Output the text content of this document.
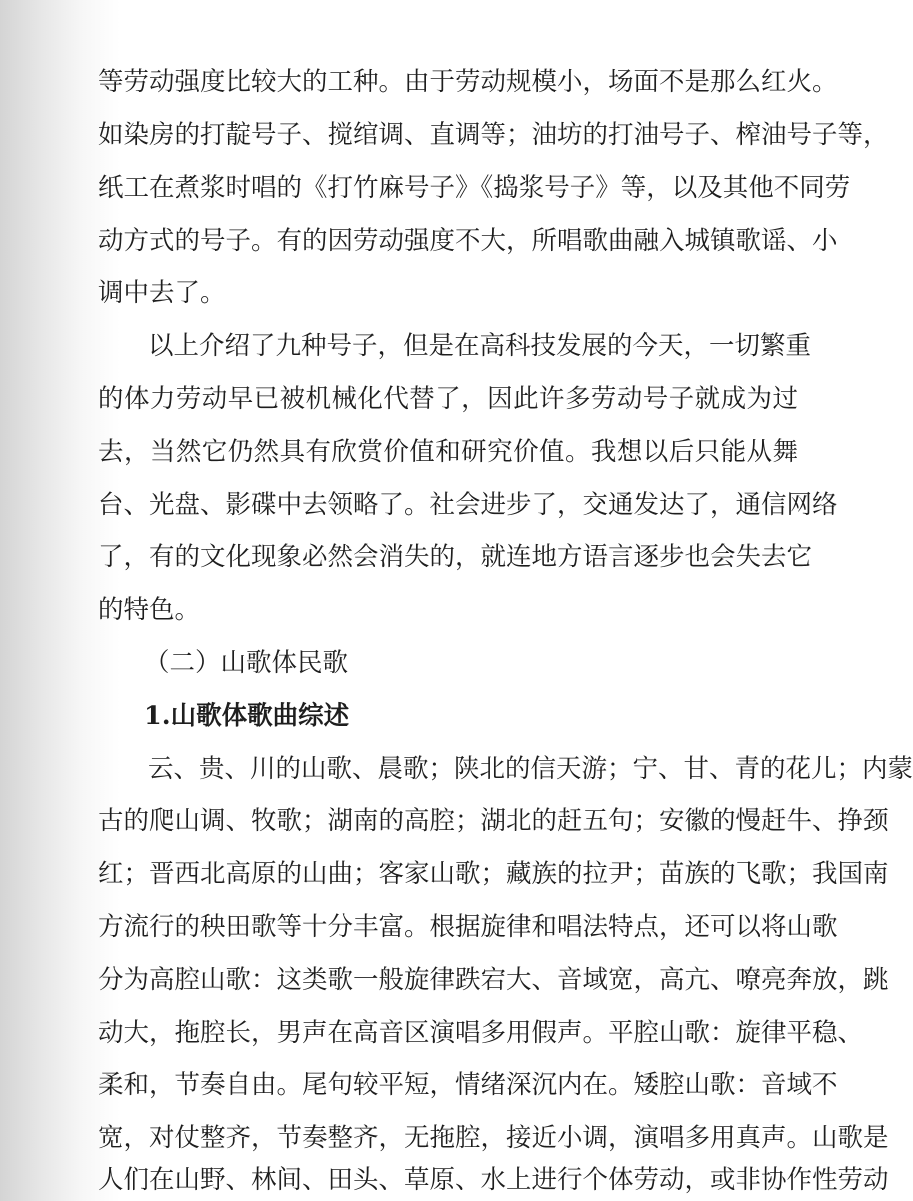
等劳动强度比较大的工种。由于劳动规模小，场面不是那么红火。
如染房的打靛号子、搅绾调、直调等；油坊的打油号子、榨油号子等，
纸工在煮浆时唱的《打竹麻号子》《捣浆号子》等，以及其他不同劳
动方式的号子。有的因劳动强度不大，所唱歌曲融入城镇歌谣、小
调中去了。
以上介绍了九种号子，但是在高科技发展的今天，一切繁重
的体力劳动早已被机械化代替了，因此许多劳动号子就成为过
去，当然它仍然具有欣赏价值和研究价值。我想以后只能从舞
台、光盘、影碟中去领略了。社会进步了，交通发达了，通信网络
了，有的文化现象必然会消失的，就连地方语言逐步也会失去它
的特色。
（二）山歌体民歌
1.山歌体歌曲综述
云、贵、川的山歌、晨歌；陕北的信天游；宁、甘、青的花儿；内蒙
古的爬山调、牧歌；湖南的高腔；湖北的赶五句；安徽的慢赶牛、挣颈
红；晋西北高原的山曲；客家山歌；藏族的拉尹；苗族的飞歌；我国南
方流行的秧田歌等十分丰富。根据旋律和唱法特点，还可以将山歌
分为高腔山歌：这类歌一般旋律跌宕大、音域宽，高亢、嘹亮奔放，跳
动大，拖腔长，男声在高音区演唱多用假声。平腔山歌：旋律平稳、
柔和，节奏自由。尾句较平短，情绪深沉内在。矮腔山歌：音域不
宽，对仗整齐，节奏整齐，无拖腔，接近小调，演唱多用真声。山歌是
人们在山野、林间、田头、草原、水上进行个体劳动，或非协作性劳动
